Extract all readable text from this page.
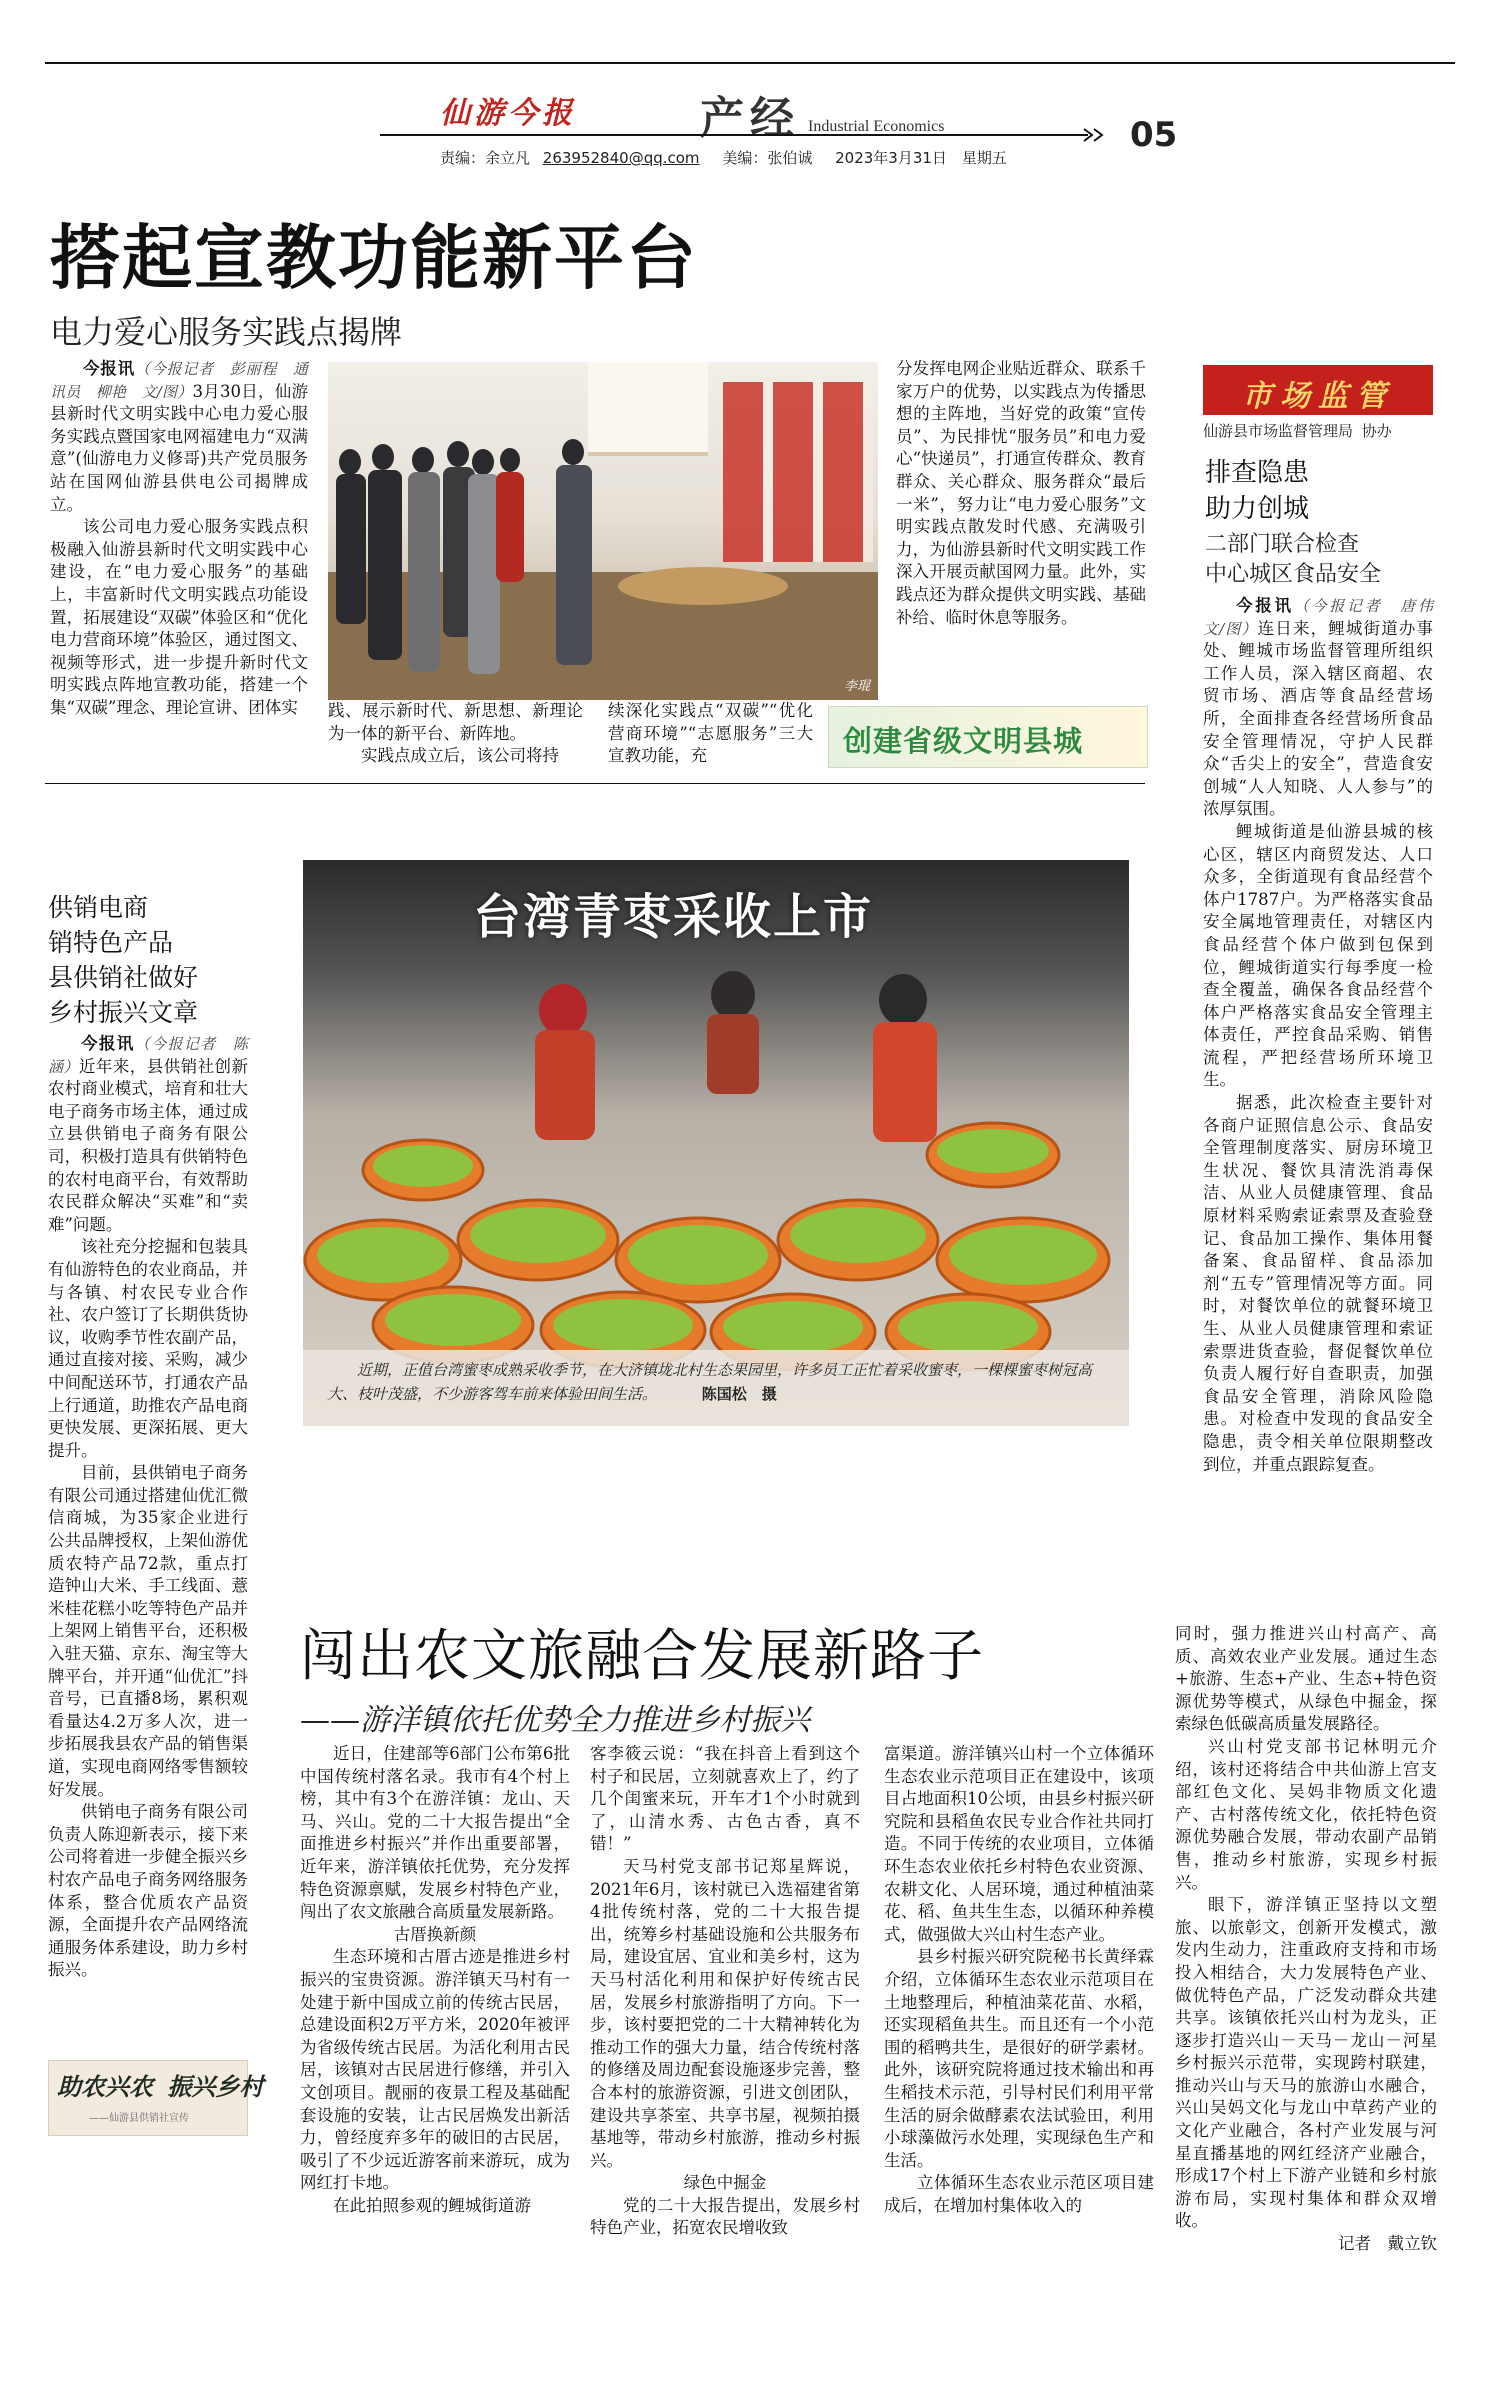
仙游今报	产经 Industrial Economics	05
责编：余立凡 263952840@qq.com 美编：张伯诚 2023年3月31日　星期五
搭起宣教功能新平台
电力爱心服务实践点揭牌

今报讯（今报记者　彭丽程　通讯员　柳艳　文/图）3月30日，仙游县新时代文明实践中心电力爱心服务实践点暨国家电网福建电力“双满意”(仙游电力义修哥)共产党员服务站在国网仙游县供电公司揭牌成立。

该公司电力爱心服务实践点积极融入仙游县新时代文明实践中心建设，在“电力爱心服务”的基础上，丰富新时代文明实践点功能设置，拓展建设“双碳”体验区和“优化电力营商环境”体验区，通过图文、视频等形式，进一步提升新时代文明实践点阵地宣教功能，搭建一个集“双碳”理念、理论宣讲、团体实

李琨

践、展示新时代、新思想、新理论为一体的新平台、新阵地。

实践点成立后，该公司将持

续深化实践点“双碳”“优化营商环境”“志愿服务”三大宣教功能，充

分发挥电网企业贴近群众、联系千家万户的优势，以实践点为传播思想的主阵地，当好党的政策“宣传员”、为民排忧“服务员”和电力爱心“快递员”，打通宣传群众、教育群众、关心群众、服务群众“最后一米”，努力让“电力爱心服务”文明实践点散发时代感、充满吸引力，为仙游县新时代文明实践工作深入开展贡献国网力量。此外，实践点还为群众提供文明实践、基础补给、临时休息等服务。

创建省级文明县城
市场监管
仙游县市场监督管理局 协办
排查隐患
助力创城
二部门联合检查
中心城区食品安全

今报讯（今报记者　唐伟　文/图）连日来，鲤城街道办事处、鲤城市场监督管理所组织工作人员，深入辖区商超、农贸市场、酒店等食品经营场所，全面排查各经营场所食品安全管理情况，守护人民群众“舌尖上的安全”，营造食安创城“人人知晓、人人参与”的浓厚氛围。

鲤城街道是仙游县城的核心区，辖区内商贸发达、人口众多，全街道现有食品经营个体户1787户。为严格落实食品安全属地管理责任，对辖区内食品经营个体户做到包保到位，鲤城街道实行每季度一检查全覆盖，确保各食品经营个体户严格落实食品安全管理主体责任，严控食品采购、销售流程，严把经营场所环境卫生。

据悉，此次检查主要针对各商户证照信息公示、食品安全管理制度落实、厨房环境卫生状况、餐饮具清洗消毒保洁、从业人员健康管理、食品原材料采购索证索票及查验登记、食品加工操作、集体用餐备案、食品留样、食品添加剂“五专”管理情况等方面。同时，对餐饮单位的就餐环境卫生、从业人员健康管理和索证索票进货查验，督促餐饮单位负责人履行好自查职责，加强食品安全管理，消除风险隐患。对检查中发现的食品安全隐患，责令相关单位限期整改到位，并重点跟踪复查。

台湾青枣采收上市
近期，正值台湾蜜枣成熟采收季节，在大济镇垅北村生态果园里，许多员工正忙着采收蜜枣，一棵棵蜜枣树冠高大、枝叶茂盛，不少游客驾车前来体验田间生活。	陈国松　摄
供销电商
销特色产品
县供销社做好
乡村振兴文章

今报讯（今报记者　陈涵）近年来，县供销社创新农村商业模式，培育和壮大电子商务市场主体，通过成立县供销电子商务有限公司，积极打造具有供销特色的农村电商平台，有效帮助农民群众解决“买难”和“卖难”问题。

该社充分挖掘和包装具有仙游特色的农业商品，并与各镇、村农民专业合作社、农户签订了长期供货协议，收购季节性农副产品，通过直接对接、采购，减少中间配送环节，打通农产品上行通道，助推农产品电商更快发展、更深拓展、更大提升。

目前，县供销电子商务有限公司通过搭建仙优汇微信商城，为35家企业进行公共品牌授权，上架仙游优质农特产品72款，重点打造钟山大米、手工线面、薏米桂花糕小吃等特色产品并上架网上销售平台，还积极入驻天猫、京东、淘宝等大牌平台，并开通“仙优汇”抖音号，已直播8场，累积观看量达4.2万多人次，进一步拓展我县农产品的销售渠道，实现电商网络零售额较好发展。

供销电子商务有限公司负责人陈迎新表示，接下来公司将着进一步健全振兴乡村农产品电子商务网络服务体系，整合优质农产品资源，全面提升农产品网络流通服务体系建设，助力乡村振兴。

助农兴农 振兴乡村
——仙游县供销社宣传
闯出农文旅融合发展新路子
——游洋镇依托优势全力推进乡村振兴

近日，住建部等6部门公布第6批中国传统村落名录。我市有4个村上榜，其中有3个在游洋镇：龙山、天马、兴山。党的二十大报告提出“全面推进乡村振兴”并作出重要部署，近年来，游洋镇依托优势，充分发挥特色资源禀赋，发展乡村特色产业，闯出了农文旅融合高质量发展新路。

古厝换新颜

生态环境和古厝古迹是推进乡村振兴的宝贵资源。游洋镇天马村有一处建于新中国成立前的传统古民居，总建设面积2万平方米，2020年被评为省级传统古民居。为活化利用古民居，该镇对古民居进行修缮，并引入文创项目。靓丽的夜景工程及基础配套设施的安装，让古民居焕发出新活力，曾经度弃多年的破旧的古民居，吸引了不少远近游客前来游玩，成为网红打卡地。

在此拍照参观的鲤城街道游

客李筱云说：“我在抖音上看到这个村子和民居，立刻就喜欢上了，约了几个闺蜜来玩，开车才1个小时就到了，山清水秀、古色古香，真不错！”

天马村党支部书记郑星辉说，2021年6月，该村就已入选福建省第4批传统村落，党的二十大报告提出，统筹乡村基础设施和公共服务布局，建设宜居、宜业和美乡村，这为天马村活化利用和保护好传统古民居，发展乡村旅游指明了方向。下一步，该村要把党的二十大精神转化为推动工作的强大力量，结合传统村落的修缮及周边配套设施逐步完善，整合本村的旅游资源，引进文创团队，建设共享茶室、共享书屋，视频拍摄基地等，带动乡村旅游，推动乡村振兴。

绿色中掘金

党的二十大报告提出，发展乡村特色产业，拓宽农民增收致

富渠道。游洋镇兴山村一个立体循环生态农业示范项目正在建设中，该项目占地面积10公顷，由县乡村振兴研究院和县稻鱼农民专业合作社共同打造。不同于传统的农业项目，立体循环生态农业依托乡村特色农业资源、农耕文化、人居环境，通过种植油菜花、稻、鱼共生生态，以循环种养模式，做强做大兴山村生态产业。

县乡村振兴研究院秘书长黄绎霖介绍，立体循环生态农业示范项目在土地整理后，种植油菜花苗、水稻，还实现稻鱼共生。而且还有一个小范围的稻鸭共生，是很好的研学素材。此外，该研究院将通过技术输出和再生稻技术示范，引导村民们利用平常生活的厨余做酵素农法试验田，利用小球藻做污水处理，实现绿色生产和生活。

立体循环生态农业示范区项目建成后，在增加村集体收入的

同时，强力推进兴山村高产、高质、高效农业产业发展。通过生态+旅游、生态+产业、生态+特色资源优势等模式，从绿色中掘金，探索绿色低碳高质量发展路径。

兴山村党支部书记林明元介绍，该村还将结合中共仙游上宫支部红色文化、吴妈非物质文化遗产、古村落传统文化，依托特色资源优势融合发展，带动农副产品销售，推动乡村旅游，实现乡村振兴。

眼下，游洋镇正坚持以文塑旅、以旅彰文，创新开发模式，激发内生动力，注重政府支持和市场投入相结合，大力发展特色产业、做优特色产品，广泛发动群众共建共享。该镇依托兴山村为龙头，正逐步打造兴山－天马－龙山－河星乡村振兴示范带，实现跨村联建，推动兴山与天马的旅游山水融合，兴山吴妈文化与龙山中草药产业的文化产业融合，各村产业发展与河星直播基地的网红经济产业融合，形成17个村上下游产业链和乡村旅游布局，实现村集体和群众双增收。

记者　戴立钦
